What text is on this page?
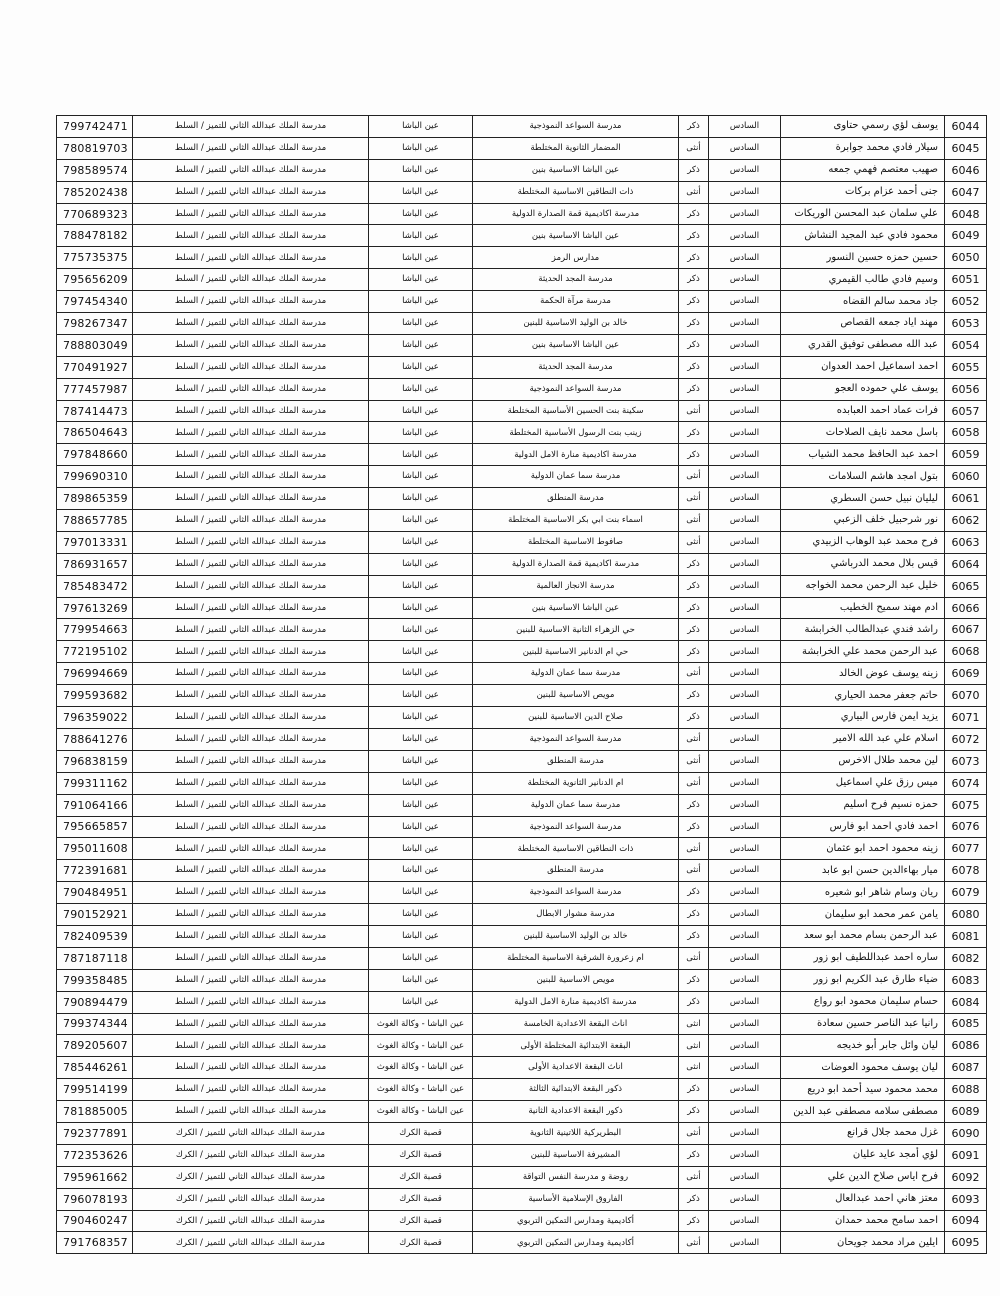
799742471	مدرسة الملك عبدالله الثاني للتميز / السلط	عين الباشا	مدرسة السواعد النموذجية	ذكر	السادس	يوسف لؤي رسمي حتاوى	6044
780819703	مدرسة الملك عبدالله الثاني للتميز / السلط	عين الباشا	المضمار الثانوية المختلطة	أنثى	السادس	سيلار فادي محمد جوابرة	6045
798589574	مدرسة الملك عبدالله الثاني للتميز / السلط	عين الباشا	عين الباشا الاساسية بنين	ذكر	السادس	صهيب معتصم فهمي جمعه	6046
785202438	مدرسة الملك عبدالله الثاني للتميز / السلط	عين الباشا	ذات النطاقين الاساسية المختلطة	أنثى	السادس	جنى أحمد عزام بركات	6047
770689323	مدرسة الملك عبدالله الثاني للتميز / السلط	عين الباشا	مدرسة اكاديمية قمة الصدارة الدولية	ذكر	السادس	علي سلمان عبد المحسن الوريكات	6048
788478182	مدرسة الملك عبدالله الثاني للتميز / السلط	عين الباشا	عين الباشا الاساسية بنين	ذكر	السادس	محمود فادي عبد المجيد النشاش	6049
775735375	مدرسة الملك عبدالله الثاني للتميز / السلط	عين الباشا	مدارس الرمز	ذكر	السادس	حسين حمزه حسين النسور	6050
795656209	مدرسة الملك عبدالله الثاني للتميز / السلط	عين الباشا	مدرسة المجد الحديثة	ذكر	السادس	وسيم فادي طالب القيمري	6051
797454340	مدرسة الملك عبدالله الثاني للتميز / السلط	عين الباشا	مدرسة مرآة الحكمة	ذكر	السادس	جاد محمد سالم القضاه	6052
798267347	مدرسة الملك عبدالله الثاني للتميز / السلط	عين الباشا	خالد بن الوليد الاساسية للبنين	ذكر	السادس	مهند اياد جمعه القصاص	6053
788803049	مدرسة الملك عبدالله الثاني للتميز / السلط	عين الباشا	عين الباشا الاساسية بنين	ذكر	السادس	عبد الله مصطفى توفيق القدري	6054
770491927	مدرسة الملك عبدالله الثاني للتميز / السلط	عين الباشا	مدرسة المجد الحديثة	ذكر	السادس	احمد اسماعيل احمد العدوان	6055
777457987	مدرسة الملك عبدالله الثاني للتميز / السلط	عين الباشا	مدرسة السواعد النموذجية	ذكر	السادس	يوسف علي حموده العجو	6056
787414473	مدرسة الملك عبدالله الثاني للتميز / السلط	عين الباشا	سكينة بنت الحسين الأساسية المختلطة	أنثى	السادس	فرات عماد احمد العبابده	6057
786504643	مدرسة الملك عبدالله الثاني للتميز / السلط	عين الباشا	زينب بنت الرسول الأساسية المختلطة	ذكر	السادس	باسل محمد نايف الصلاحات	6058
797848660	مدرسة الملك عبدالله الثاني للتميز / السلط	عين الباشا	مدرسة اكاديمية منارة الامل الدولية	ذكر	السادس	احمد عبد الحافظ محمد الشياب	6059
799690310	مدرسة الملك عبدالله الثاني للتميز / السلط	عين الباشا	مدرسة سما عمان الدولية	أنثى	السادس	بتول امجد هاشم السلامات	6060
789865359	مدرسة الملك عبدالله الثاني للتميز / السلط	عين الباشا	مدرسة المنطلق	أنثى	السادس	ليليان نبيل حسن السطري	6061
788657785	مدرسة الملك عبدالله الثاني للتميز / السلط	عين الباشا	اسماء بنت ابي بكر الاساسية المختلطة	أنثى	السادس	نور شرحبيل خلف الزعبي	6062
797013331	مدرسة الملك عبدالله الثاني للتميز / السلط	عين الباشا	صافوط الاساسية المختلطة	أنثى	السادس	فرح محمد عبد الوهاب الزبيدي	6063
786931657	مدرسة الملك عبدالله الثاني للتميز / السلط	عين الباشا	مدرسة اكاديمية قمة الصدارة الدولية	ذكر	السادس	قيس بلال محمد الدرباشي	6064
785483472	مدرسة الملك عبدالله الثاني للتميز / السلط	عين الباشا	مدرسة الانجاز العالمية	ذكر	السادس	خليل عبد الرحمن محمد الخواجه	6065
797613269	مدرسة الملك عبدالله الثاني للتميز / السلط	عين الباشا	عين الباشا الاساسية بنين	ذكر	السادس	ادم مهند سميح الخطيب	6066
779954663	مدرسة الملك عبدالله الثاني للتميز / السلط	عين الباشا	حي الزهراء الثانية الاساسية للبنين	ذكر	السادس	راشد فندي عبدالطالب الخرابشة	6067
772195102	مدرسة الملك عبدالله الثاني للتميز / السلط	عين الباشا	حي ام الدنانير الاساسية للبنين	ذكر	السادس	عبد الرحمن محمد علي الخرابشة	6068
796994669	مدرسة الملك عبدالله الثاني للتميز / السلط	عين الباشا	مدرسة سما عمان الدولية	أنثى	السادس	زينه يوسف عوض الخالد	6069
799593682	مدرسة الملك عبدالله الثاني للتميز / السلط	عين الباشا	مويص الاساسية للبنين	ذكر	السادس	حاتم جعفر محمد الحياري	6070
796359022	مدرسة الملك عبدالله الثاني للتميز / السلط	عين الباشا	صلاح الدين الاساسية للبنين	ذكر	السادس	يزيد ايمن فارس البياري	6071
788641276	مدرسة الملك عبدالله الثاني للتميز / السلط	عين الباشا	مدرسة السواعد النموذجية	أنثى	السادس	اسلام علي عبد الله الامير	6072
796838159	مدرسة الملك عبدالله الثاني للتميز / السلط	عين الباشا	مدرسة المنطلق	أنثى	السادس	لين محمد طلال الاخرس	6073
799311162	مدرسة الملك عبدالله الثاني للتميز / السلط	عين الباشا	ام الدنانير الثانوية المختلطة	أنثى	السادس	ميس رزق علي اسماعيل	6074
791064166	مدرسة الملك عبدالله الثاني للتميز / السلط	عين الباشا	مدرسة سما عمان الدولية	ذكر	السادس	حمزه نسيم فرح اسليم	6075
795665857	مدرسة الملك عبدالله الثاني للتميز / السلط	عين الباشا	مدرسة السواعد النموذجية	ذكر	السادس	احمد فادي احمد ابو فارس	6076
795011608	مدرسة الملك عبدالله الثاني للتميز / السلط	عين الباشا	ذات النطاقين الاساسية المختلطة	أنثى	السادس	زينه محمود احمد ابو عثمان	6077
772391681	مدرسة الملك عبدالله الثاني للتميز / السلط	عين الباشا	مدرسة المنطلق	أنثى	السادس	ميار بهاءالدين حسن ابو عابد	6078
790484951	مدرسة الملك عبدالله الثاني للتميز / السلط	عين الباشا	مدرسة السواعد النموذجية	ذكر	السادس	ريان وسام شاهر ابو شعيره	6079
790152921	مدرسة الملك عبدالله الثاني للتميز / السلط	عين الباشا	مدرسة مشوار الابطال	ذكر	السادس	يامن عمر محمد ابو سليمان	6080
782409539	مدرسة الملك عبدالله الثاني للتميز / السلط	عين الباشا	خالد بن الوليد الاساسية للبنين	ذكر	السادس	عبد الرحمن بسام محمد ابو سعد	6081
787187118	مدرسة الملك عبدالله الثاني للتميز / السلط	عين الباشا	ام زعرورة الشرقية الاساسية المختلطة	أنثى	السادس	ساره احمد عبداللطيف ابو زور	6082
799358485	مدرسة الملك عبدالله الثاني للتميز / السلط	عين الباشا	مويص الاساسية للبنين	ذكر	السادس	ضياء طارق عبد الكريم ابو زور	6083
790894479	مدرسة الملك عبدالله الثاني للتميز / السلط	عين الباشا	مدرسة اكاديمية منارة الامل الدولية	ذكر	السادس	حسام سليمان محمود ابو رواع	6084
799374344	مدرسة الملك عبدالله الثاني للتميز / السلط	عين الباشا - وكالة الغوث	اناث البقعة الاعدادية الخامسة	انثى	السادس	رانيا عبد الناصر حسين سعادة	6085
789205607	مدرسة الملك عبدالله الثاني للتميز / السلط	عين الباشا - وكالة الغوث	البقعة الابتدائية المختلطة الأولى	انثى	السادس	ليان وائل جابر أبو خديجه	6086
785446261	مدرسة الملك عبدالله الثاني للتميز / السلط	عين الباشا - وكالة الغوث	اناث البقعة الاعدادية الأولى	انثى	السادس	ليان يوسف محمود العوضات	6087
799514199	مدرسة الملك عبدالله الثاني للتميز / السلط	عين الباشا - وكالة الغوث	ذكور البقعة الابتدائية الثالثة	ذكر	السادس	محمد محمود سيد أحمد ابو دريع	6088
781885005	مدرسة الملك عبدالله الثاني للتميز / السلط	عين الباشا - وكالة الغوث	ذكور البقعة الاعدادية الثانية	ذكر	السادس	مصطفى سلامه مصطفى عبد الدين	6089
792377891	مدرسة الملك عبدالله الثاني للتميز / الكرك	قصبة الكرك	البطريركية اللاتينية الثانوية	أنثى	السادس	غزل محمد جلال قرانع	6090
772353626	مدرسة الملك عبدالله الثاني للتميز / الكرك	قصبة الكرك	المشيرفة الاساسية للبنين	ذكر	السادس	لؤي أمجد عايد عليان	6091
795961662	مدرسة الملك عبدالله الثاني للتميز / الكرك	قصبة الكرك	روضة و مدرسة النفس التواقة	أنثى	السادس	فرح اياس صلاح الدين علي	6092
796078193	مدرسة الملك عبدالله الثاني للتميز / الكرك	قصبة الكرك	الفاروق الإسلامية الأساسية	ذكر	السادس	معتز هاني احمد عبدالعال	6093
790460247	مدرسة الملك عبدالله الثاني للتميز / الكرك	قصبة الكرك	أكاديمية ومدارس التمكين التربوي	ذكر	السادس	احمد سامح محمد حمدان	6094
791768357	مدرسة الملك عبدالله الثاني للتميز / الكرك	قصبة الكرك	أكاديمية ومدارس التمكين التربوي	أنثى	السادس	ايلين مراد محمد جويحان	6095
